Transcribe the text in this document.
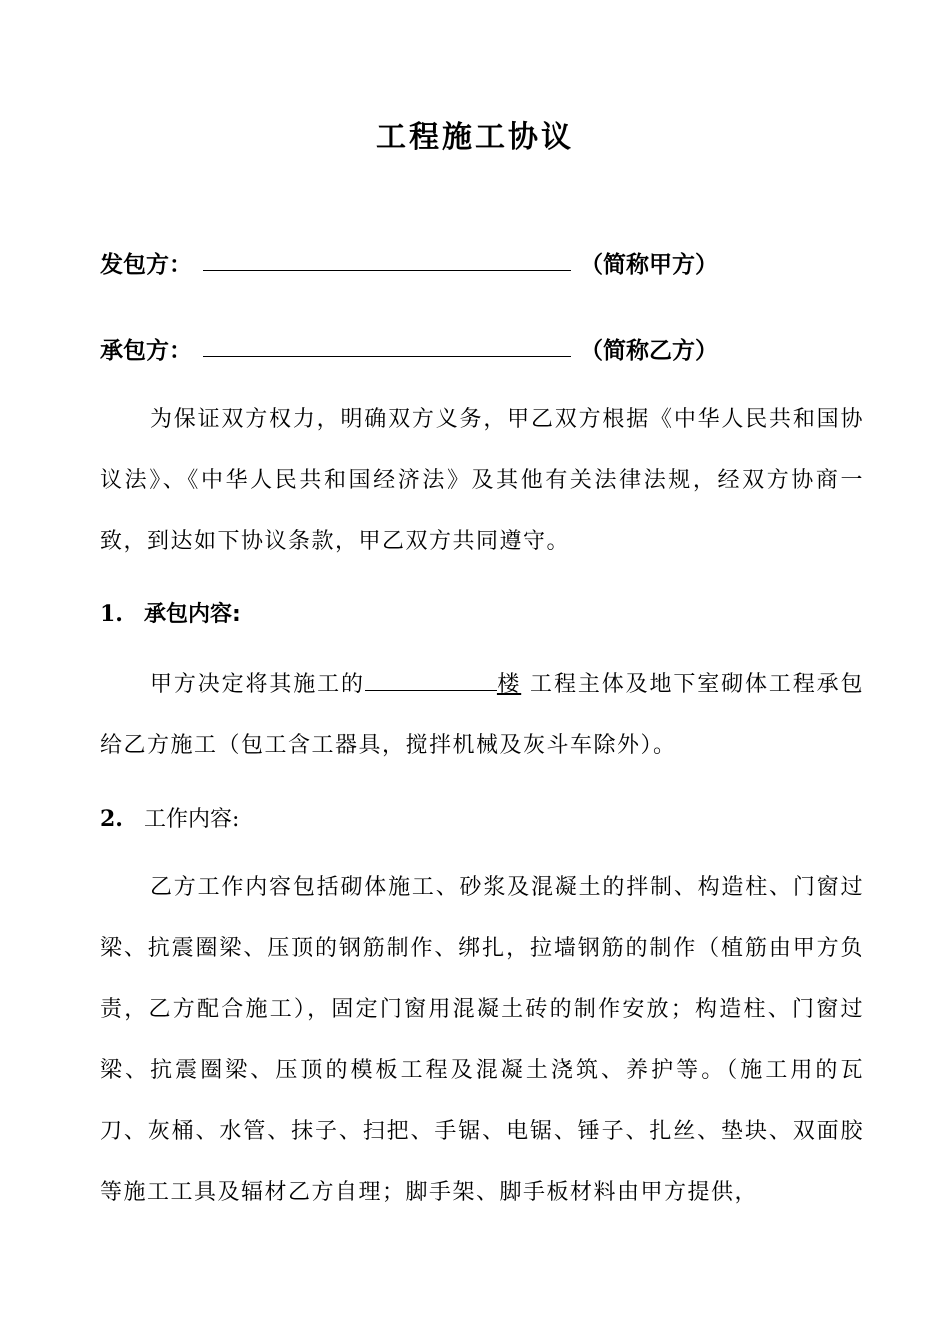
工程施工协议
发包方：	（简称甲方）
承包方：	（简称乙方）
为保证双方权力，明确双方义务，甲乙双方根据《中华人民共和国协议法》、《中华人民共和国经济法》及其他有关法律法规，经双方协商一致，到达如下协议条款，甲乙双方共同遵守。
1. 承包内容:
甲方决定将其施工的	楼 工程主体及地下室砌体工程承包给乙方施工（包工含工器具，搅拌机械及灰斗车除外）。
2. 工作内容:
乙方工作内容包括砌体施工、砂浆及混凝土的拌制、构造柱、门窗过梁、抗震圈梁、压顶的钢筋制作、绑扎，拉墙钢筋的制作（植筋由甲方负责，乙方配合施工），固定门窗用混凝土砖的制作安放；构造柱、门窗过梁、抗震圈梁、压顶的模板工程及混凝土浇筑、养护等。（施工用的瓦刀、灰桶、水管、抹子、扫把、手锯、电锯、锤子、扎丝、垫块、双面胶等施工工具及辐材乙方自理；脚手架、脚手板材料由甲方提供，
